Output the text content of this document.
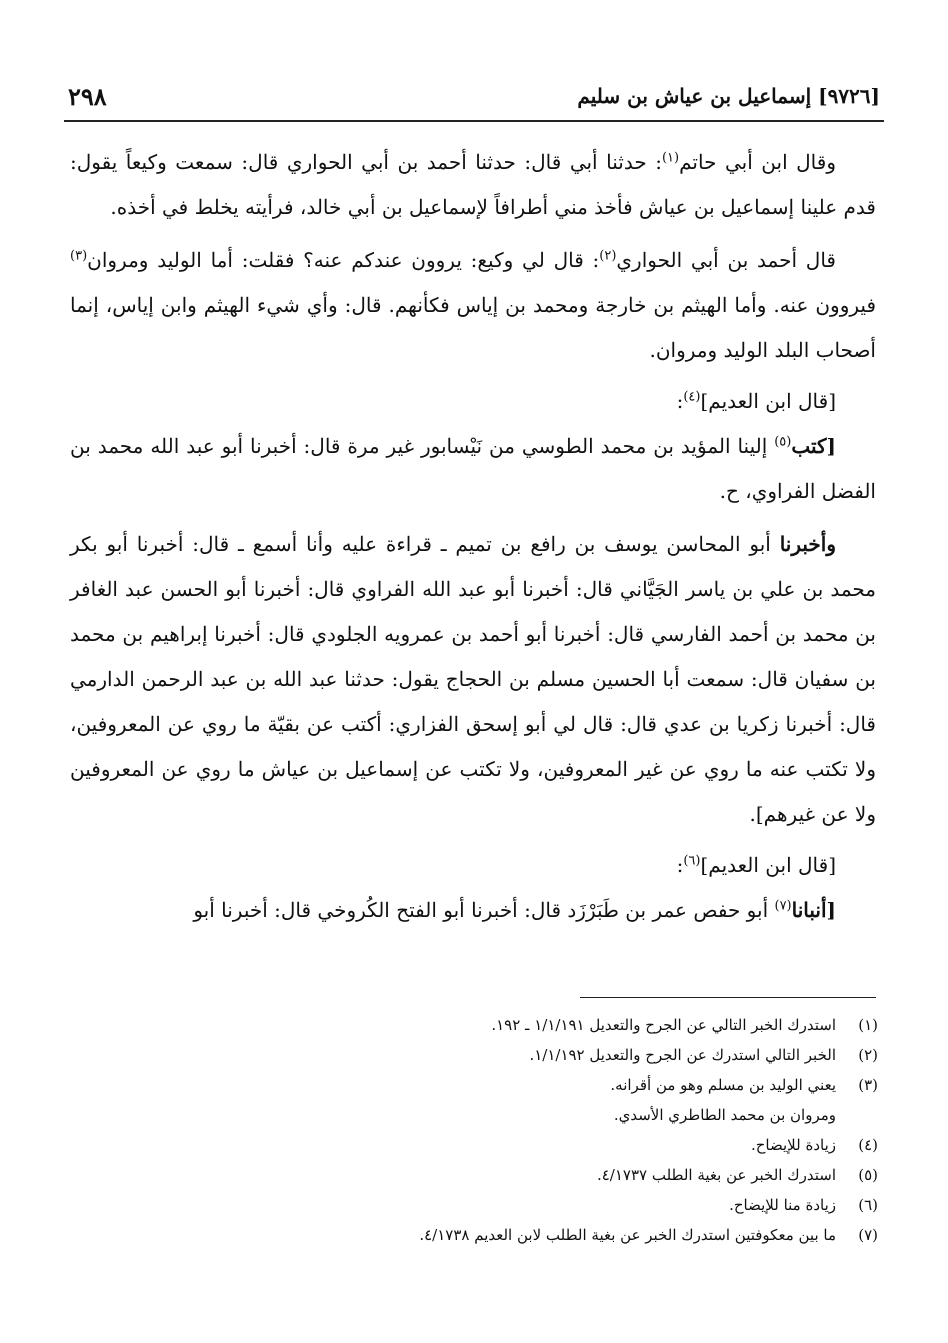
٢٩٨	[٩٧٢٦] إسماعيل بن عياش بن سليم

وقال ابن أبي حاتم$^{(١)}$: حدثنا أبي قال: حدثنا أحمد بن أبي الحواري قال: سمعت وكيعاً يقول: قدم علينا إسماعيل بن عياش فأخذ مني أطرافاً لإسماعيل بن أبي خالد، فرأيته يخلط في أخذه.

قال أحمد بن أبي الحواري$^{(٢)}$: قال لي وكيع: يروون عندكم عنه؟ فقلت: أما الوليد ومروان$^{(٣)}$ فيروون عنه. وأما الهيثم بن خارجة ومحمد بن إياس فكأنهم. قال: وأي شيء الهيثم وابن إياس، إنما أصحاب البلد الوليد ومروان.

[قال ابن العديم]$^{(٤)}$:

[كتب$^{(٥)}$ إلينا المؤيد بن محمد الطوسي من نَيْسابور غير مرة قال: أخبرنا أبو عبد الله محمد بن الفضل الفراوي، ح.

وأخبرنا أبو المحاسن يوسف بن رافع بن تميم ـ قراءة عليه وأنا أسمع ـ قال: أخبرنا أبو بكر محمد بن علي بن ياسر الجَيَّاني قال: أخبرنا أبو عبد الله الفراوي قال: أخبرنا أبو الحسن عبد الغافر بن محمد بن أحمد الفارسي قال: أخبرنا أبو أحمد بن عمرويه الجلودي قال: أخبرنا إبراهيم بن محمد بن سفيان قال: سمعت أبا الحسين مسلم بن الحجاج يقول: حدثنا عبد الله بن عبد الرحمن الدارمي قال: أخبرنا زكريا بن عدي قال: قال لي أبو إسحق الفزاري: أكتب عن بقيّة ما روي عن المعروفين، ولا تكتب عنه ما روي عن غير المعروفين، ولا تكتب عن إسماعيل بن عياش ما روي عن المعروفين ولا عن غيرهم].

[قال ابن العديم]$^{(٦)}$:

[أنبانا$^{(٧)}$ أبو حفص عمر بن طَبَرْزَد قال: أخبرنا أبو الفتح الكُروخي قال: أخبرنا أبو

(١)
استدرك الخبر التالي عن الجرح والتعديل ١/١/١٩١ ـ ١٩٢.
(٢)
الخبر التالي استدرك عن الجرح والتعديل ١/١/١٩٢.
(٣)
يعني الوليد بن مسلم وهو من أقرانه.
ومروان بن محمد الطاطري الأسدي.
(٤)
زيادة للإيضاح.
(٥)
استدرك الخبر عن بغية الطلب ٤/١٧٣٧.
(٦)
زيادة منا للإيضاح.
(٧)
ما بين معكوفتين استدرك الخبر عن بغية الطلب لابن العديم ٤/١٧٣٨.
